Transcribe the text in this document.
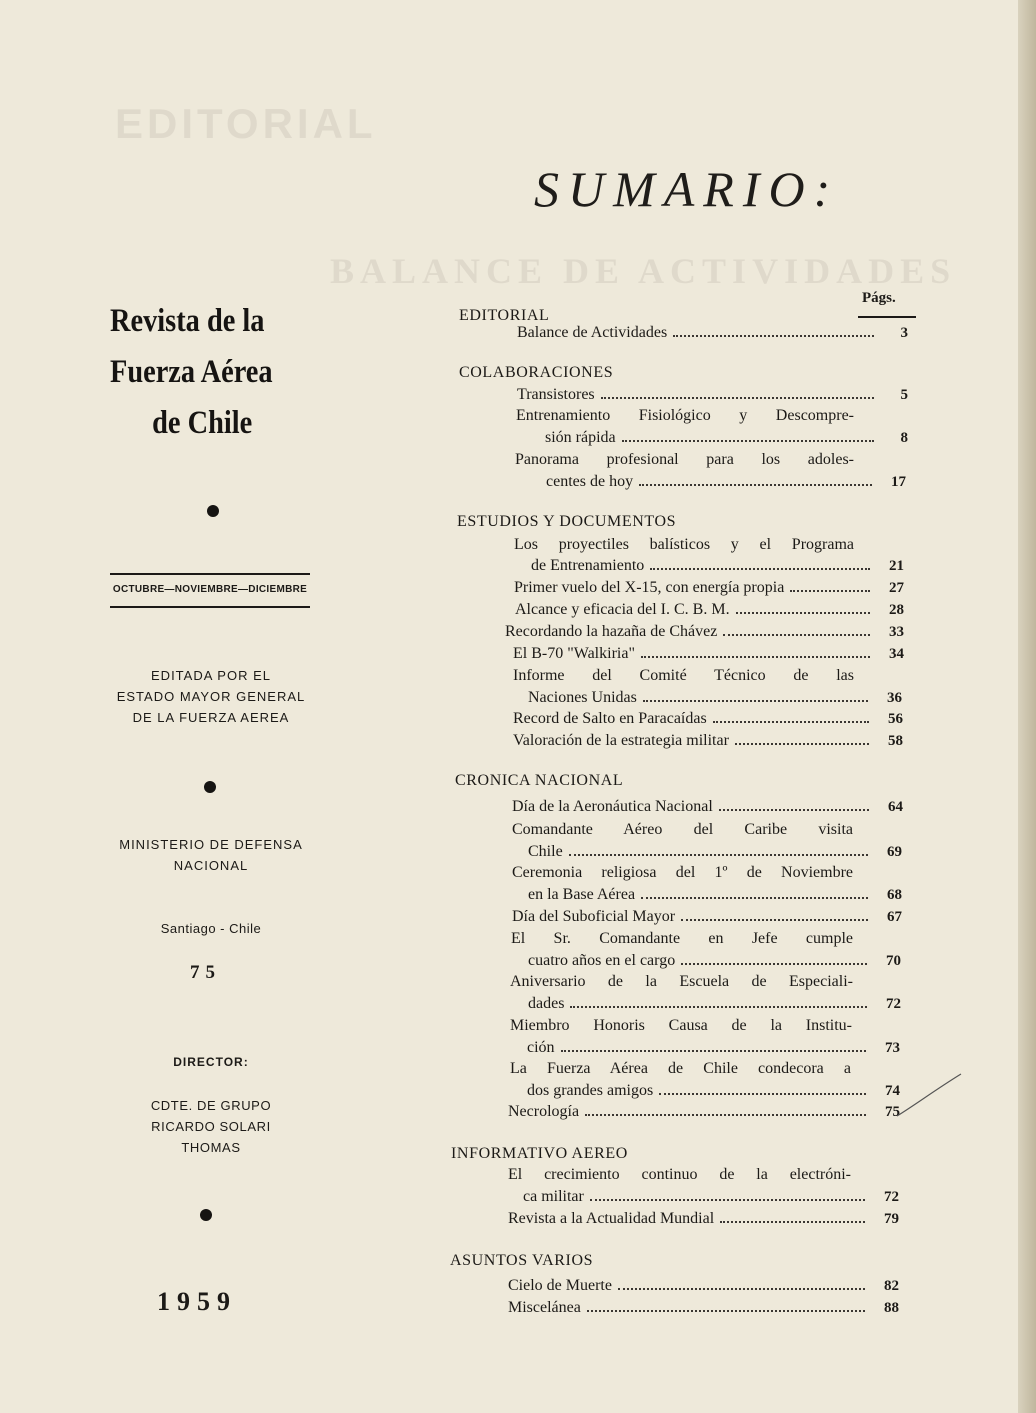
EDITORIAL
BALANCE DE ACTIVIDADES
SUMARIO:
Revista de la
Fuerza Aérea
de Chile
OCTUBRE—NOVIEMBRE—DICIEMBRE
EDITADA POR EL
ESTADO MAYOR GENERAL
DE LA FUERZA AEREA
MINISTERIO DE DEFENSA
NACIONAL
Santiago - Chile
75
DIRECTOR:
CDTE. DE GRUPO
RICARDO SOLARI
THOMAS
1959
Págs.
EDITORIAL
Balance de Actividades	3
COLABORACIONES
Transistores	5
Entrenamiento Fisiológico y Descompre-
sión rápida	8
Panorama profesional para los adoles-
centes de hoy	17
ESTUDIOS Y DOCUMENTOS
Los proyectiles balísticos y el Programa
de Entrenamiento	21
Primer vuelo del X-15, con energía propia	27
Alcance y eficacia del I. C. B. M.	28
Recordando la hazaña de Chávez	33
El B-70 "Walkiria"	34
Informe del Comité Técnico de las
Naciones Unidas	36
Record de Salto en Paracaídas	56
Valoración de la estrategia militar	58
CRONICA NACIONAL
Día de la Aeronáutica Nacional	64
Comandante Aéreo del Caribe visita
Chile	69
Ceremonia religiosa del 1º de Noviembre
en la Base Aérea	68
Día del Suboficial Mayor	67
El Sr. Comandante en Jefe cumple
cuatro años en el cargo	70
Aniversario de la Escuela de Especiali-
dades	72
Miembro Honoris Causa de la Institu-
ción	73
La Fuerza Aérea de Chile condecora a
dos grandes amigos	74
Necrología	75
INFORMATIVO AEREO
El crecimiento continuo de la electróni-
ca militar	72
Revista a la Actualidad Mundial	79
ASUNTOS VARIOS
Cielo de Muerte	82
Miscelánea	88
